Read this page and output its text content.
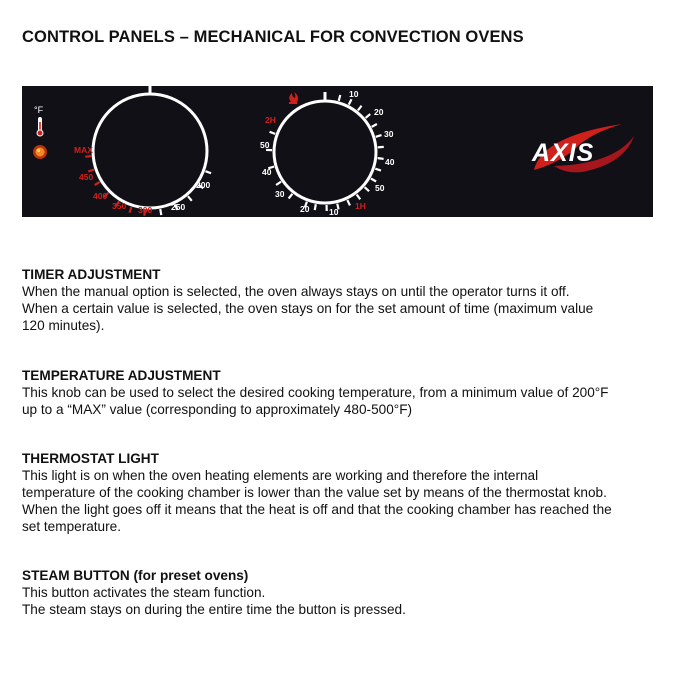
CONTROL PANELS – MECHANICAL FOR CONVECTION OVENS
°F
MAX
450
400
350 300 250
200
2H
1H
10
20
30
40
50
10
20
30
40
50	AXIS
TIMER ADJUSTMENT

When the manual option is selected, the oven always stays on until the operator turns it off.

When a certain value is selected, the oven stays on for the set amount of time (maximum value

120 minutes).

TEMPERATURE ADJUSTMENT

This knob can be used to select the desired cooking temperature, from a minimum value of 200°F

up to a “MAX” value (corresponding to approximately 480-500°F)

THERMOSTAT LIGHT

This light is on when the oven heating elements are working and therefore the internal

temperature of the cooking chamber is lower than the value set by means of the thermostat knob.

When the light goes off it means that the heat is off and that the cooking chamber has reached the

set temperature.

STEAM BUTTON (for preset ovens)

This button activates the steam function.

The steam stays on during the entire time the button is pressed.
